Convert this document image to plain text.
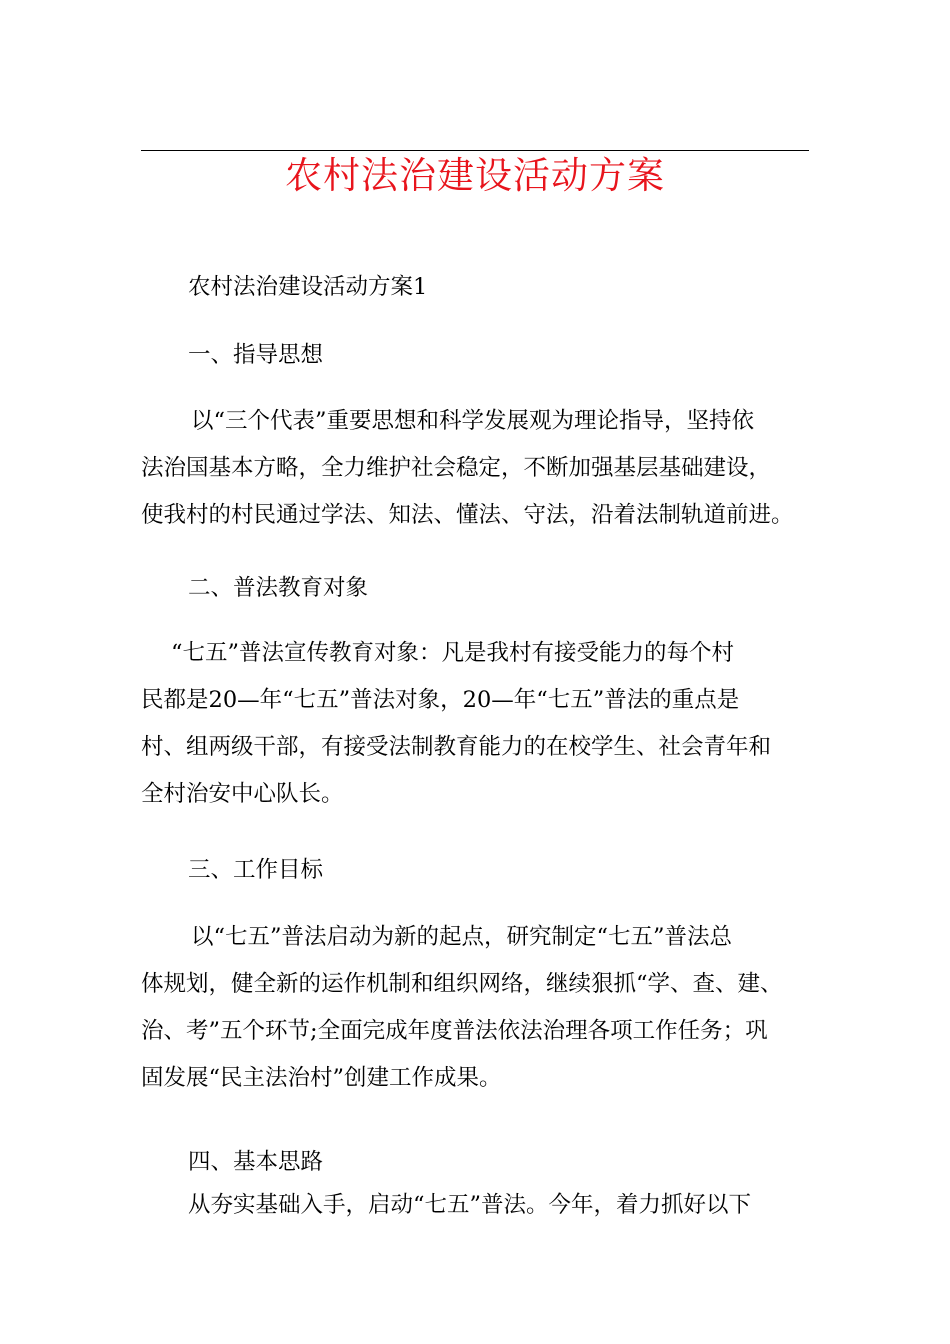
农村法治建设活动方案
农村法治建设活动方案1
一、指导思想
以“三个代表”重要思想和科学发展观为理论指导，坚持依
法治国基本方略，全力维护社会稳定，不断加强基层基础建设，
使我村的村民通过学法、知法、懂法、守法，沿着法制轨道前进。
二、普法教育对象
“七五”普法宣传教育对象：凡是我村有接受能力的每个村
民都是20—年“七五”普法对象，20—年“七五”普法的重点是
村、组两级干部，有接受法制教育能力的在校学生、社会青年和
全村治安中心队长。
三、工作目标
以“七五”普法启动为新的起点，研究制定“七五”普法总
体规划，健全新的运作机制和组织网络，继续狠抓“学、查、建、
治、考”五个环节;全面完成年度普法依法治理各项工作任务；巩
固发展“民主法治村”创建工作成果。
四、基本思路
从夯实基础入手，启动“七五”普法。今年，着力抓好以下
